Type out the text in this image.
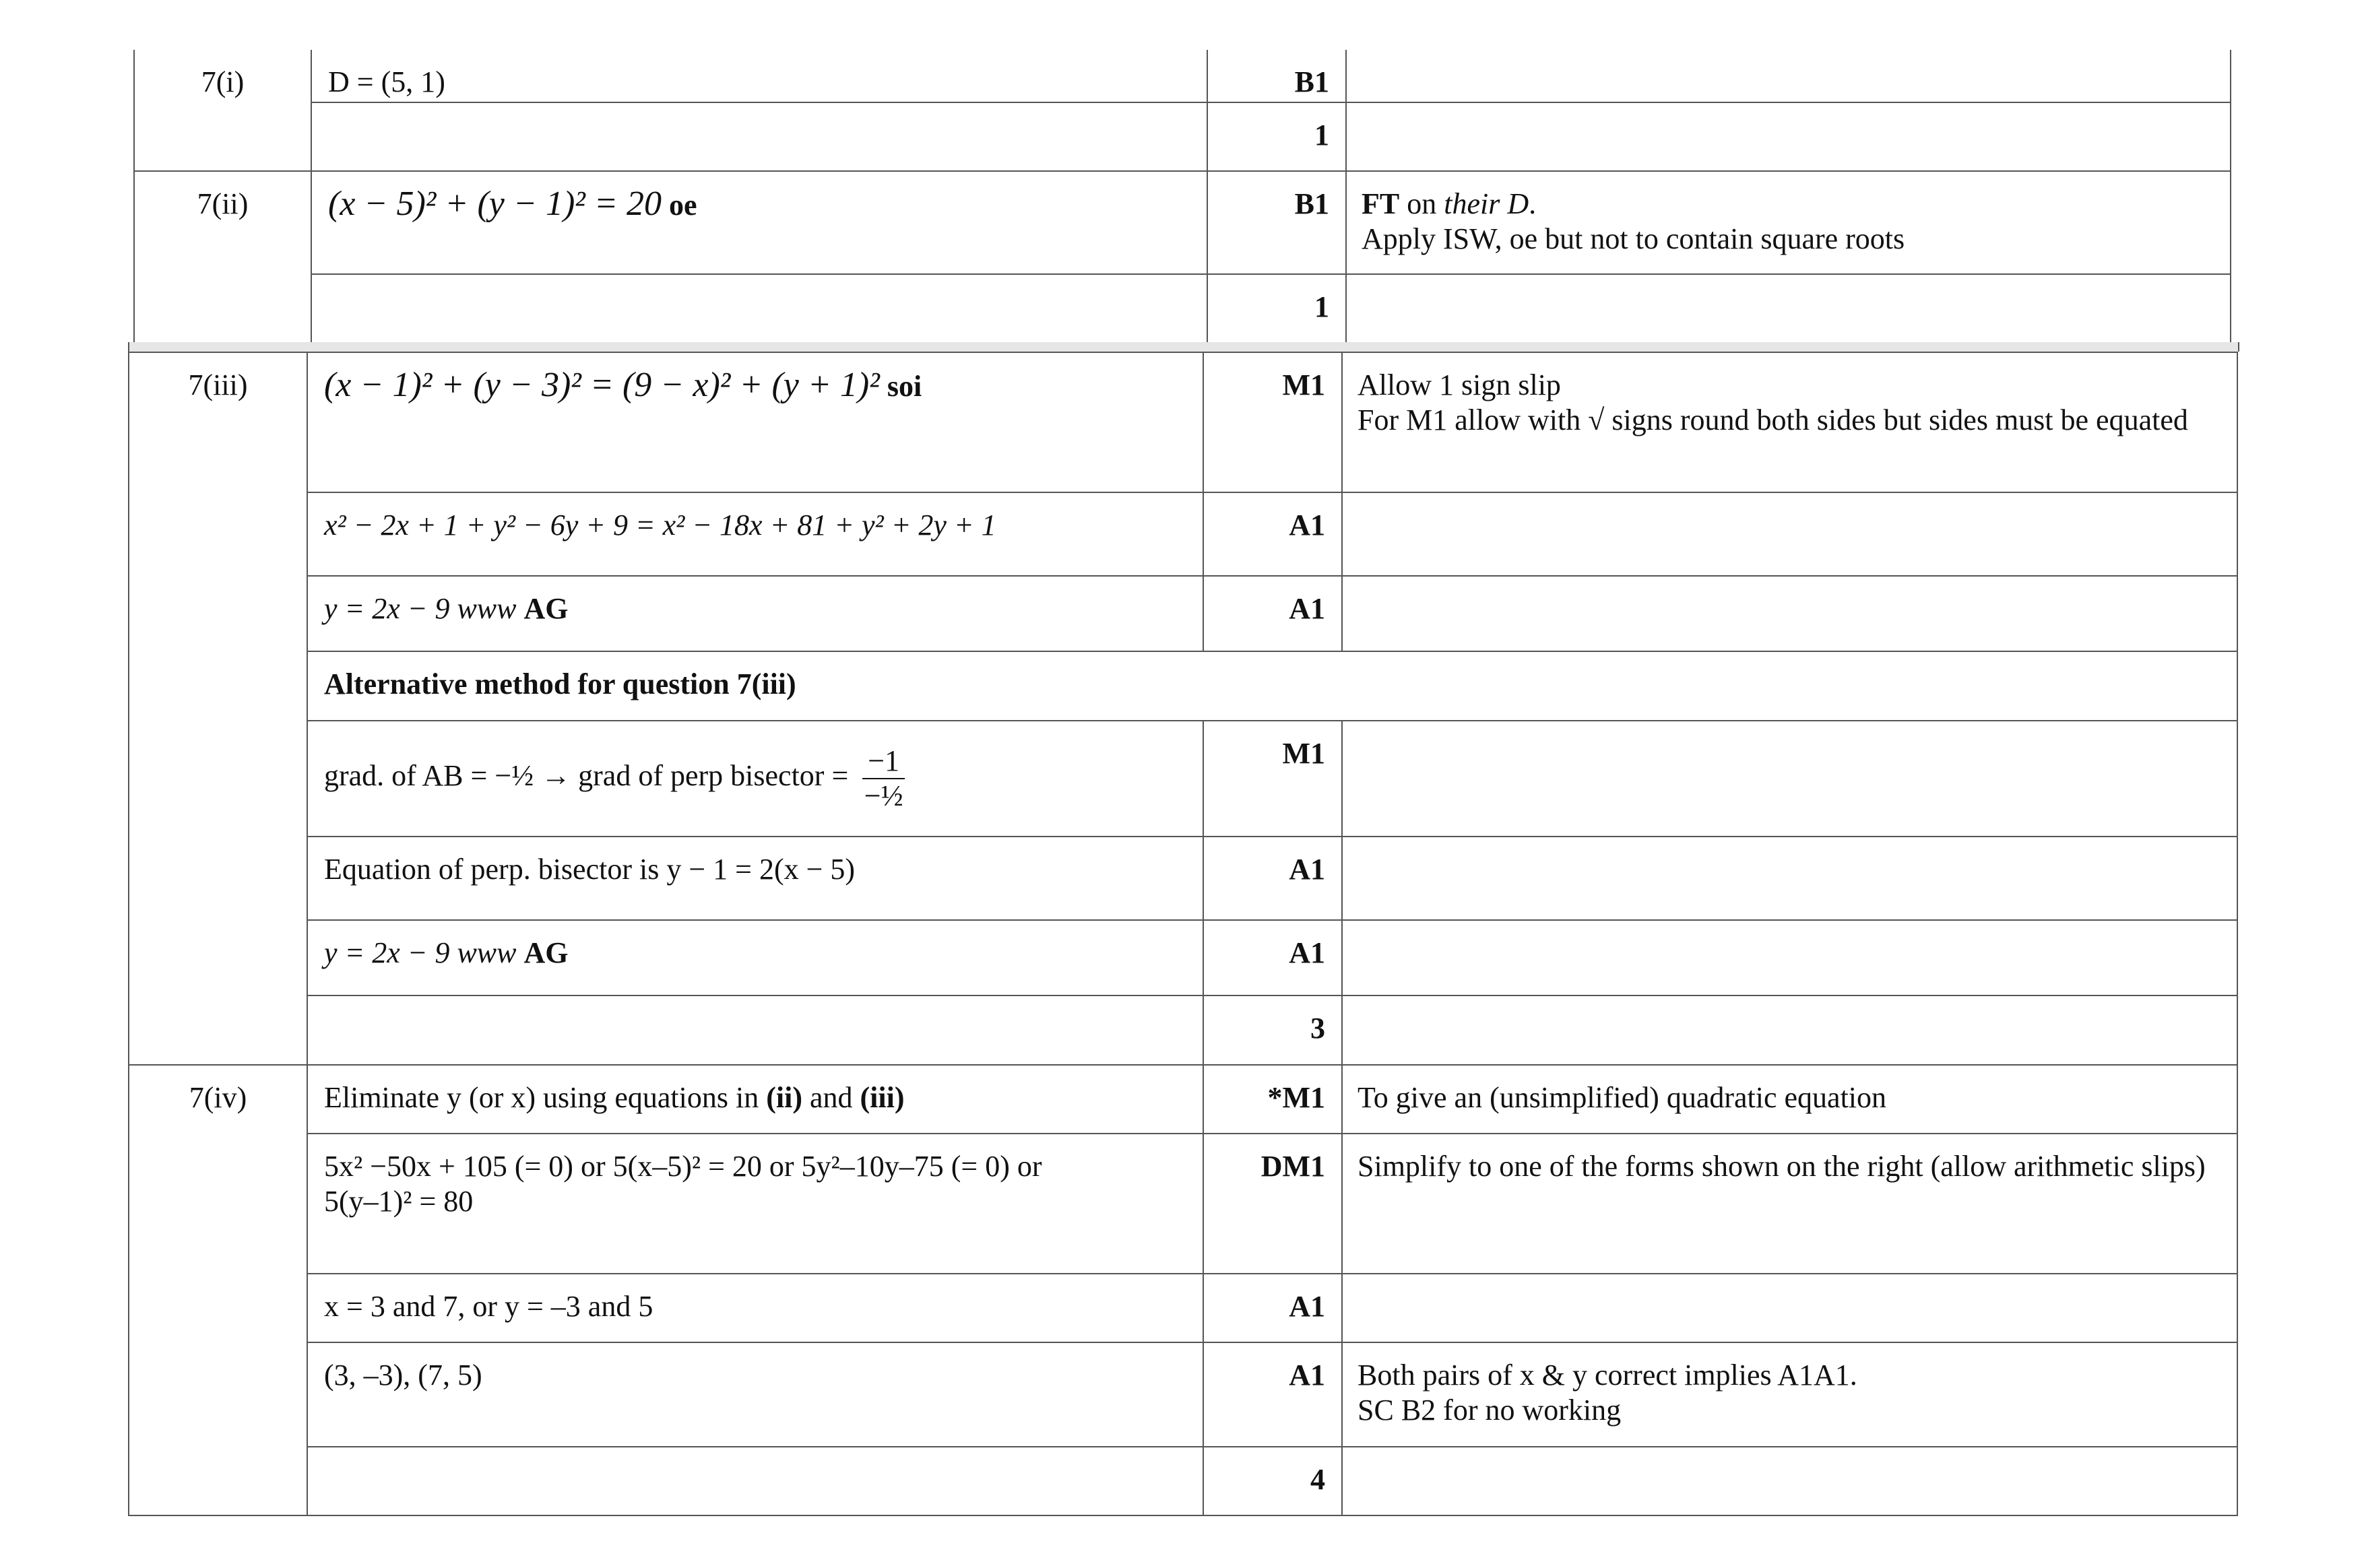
7(i)	D = (5, 1)	B1	
		1	
7(ii)	(x − 5)² + (y − 1)² = 20 oe	B1	FT on their D.
Apply ISW, oe but not to contain square roots
		1	
7(iii)	(x − 1)² + (y − 3)² = (9 − x)² + (y + 1)² soi	M1	Allow 1 sign slip
For M1 allow with √ signs round both sides but sides must be equated
	x² − 2x + 1 + y² − 6y + 9 = x² − 18x + 81 + y² + 2y + 1	A1	
	y = 2x − 9 www AG	A1	
	Alternative method for question 7(iii)		
	grad. of AB = −½ → grad of perp bisector = $\frac{-1}{\text{−½}}$	M1	
	Equation of perp. bisector is y − 1 = 2(x − 5)	A1	
	y = 2x − 9 www AG	A1	
		3	
7(iv)	Eliminate y (or x) using equations in (ii) and (iii)	*M1	To give an (unsimplified) quadratic equation
	5x² −50x + 105 (= 0) or 5(x–5)² = 20 or 5y²–10y–75 (= 0) or
5(y–1)² = 80	DM1	Simplify to one of the forms shown on the right (allow arithmetic slips)
	x = 3 and 7, or y = –3 and 5	A1	
	(3, –3), (7, 5)	A1	Both pairs of x & y correct implies A1A1.
SC B2 for no working
		4	
